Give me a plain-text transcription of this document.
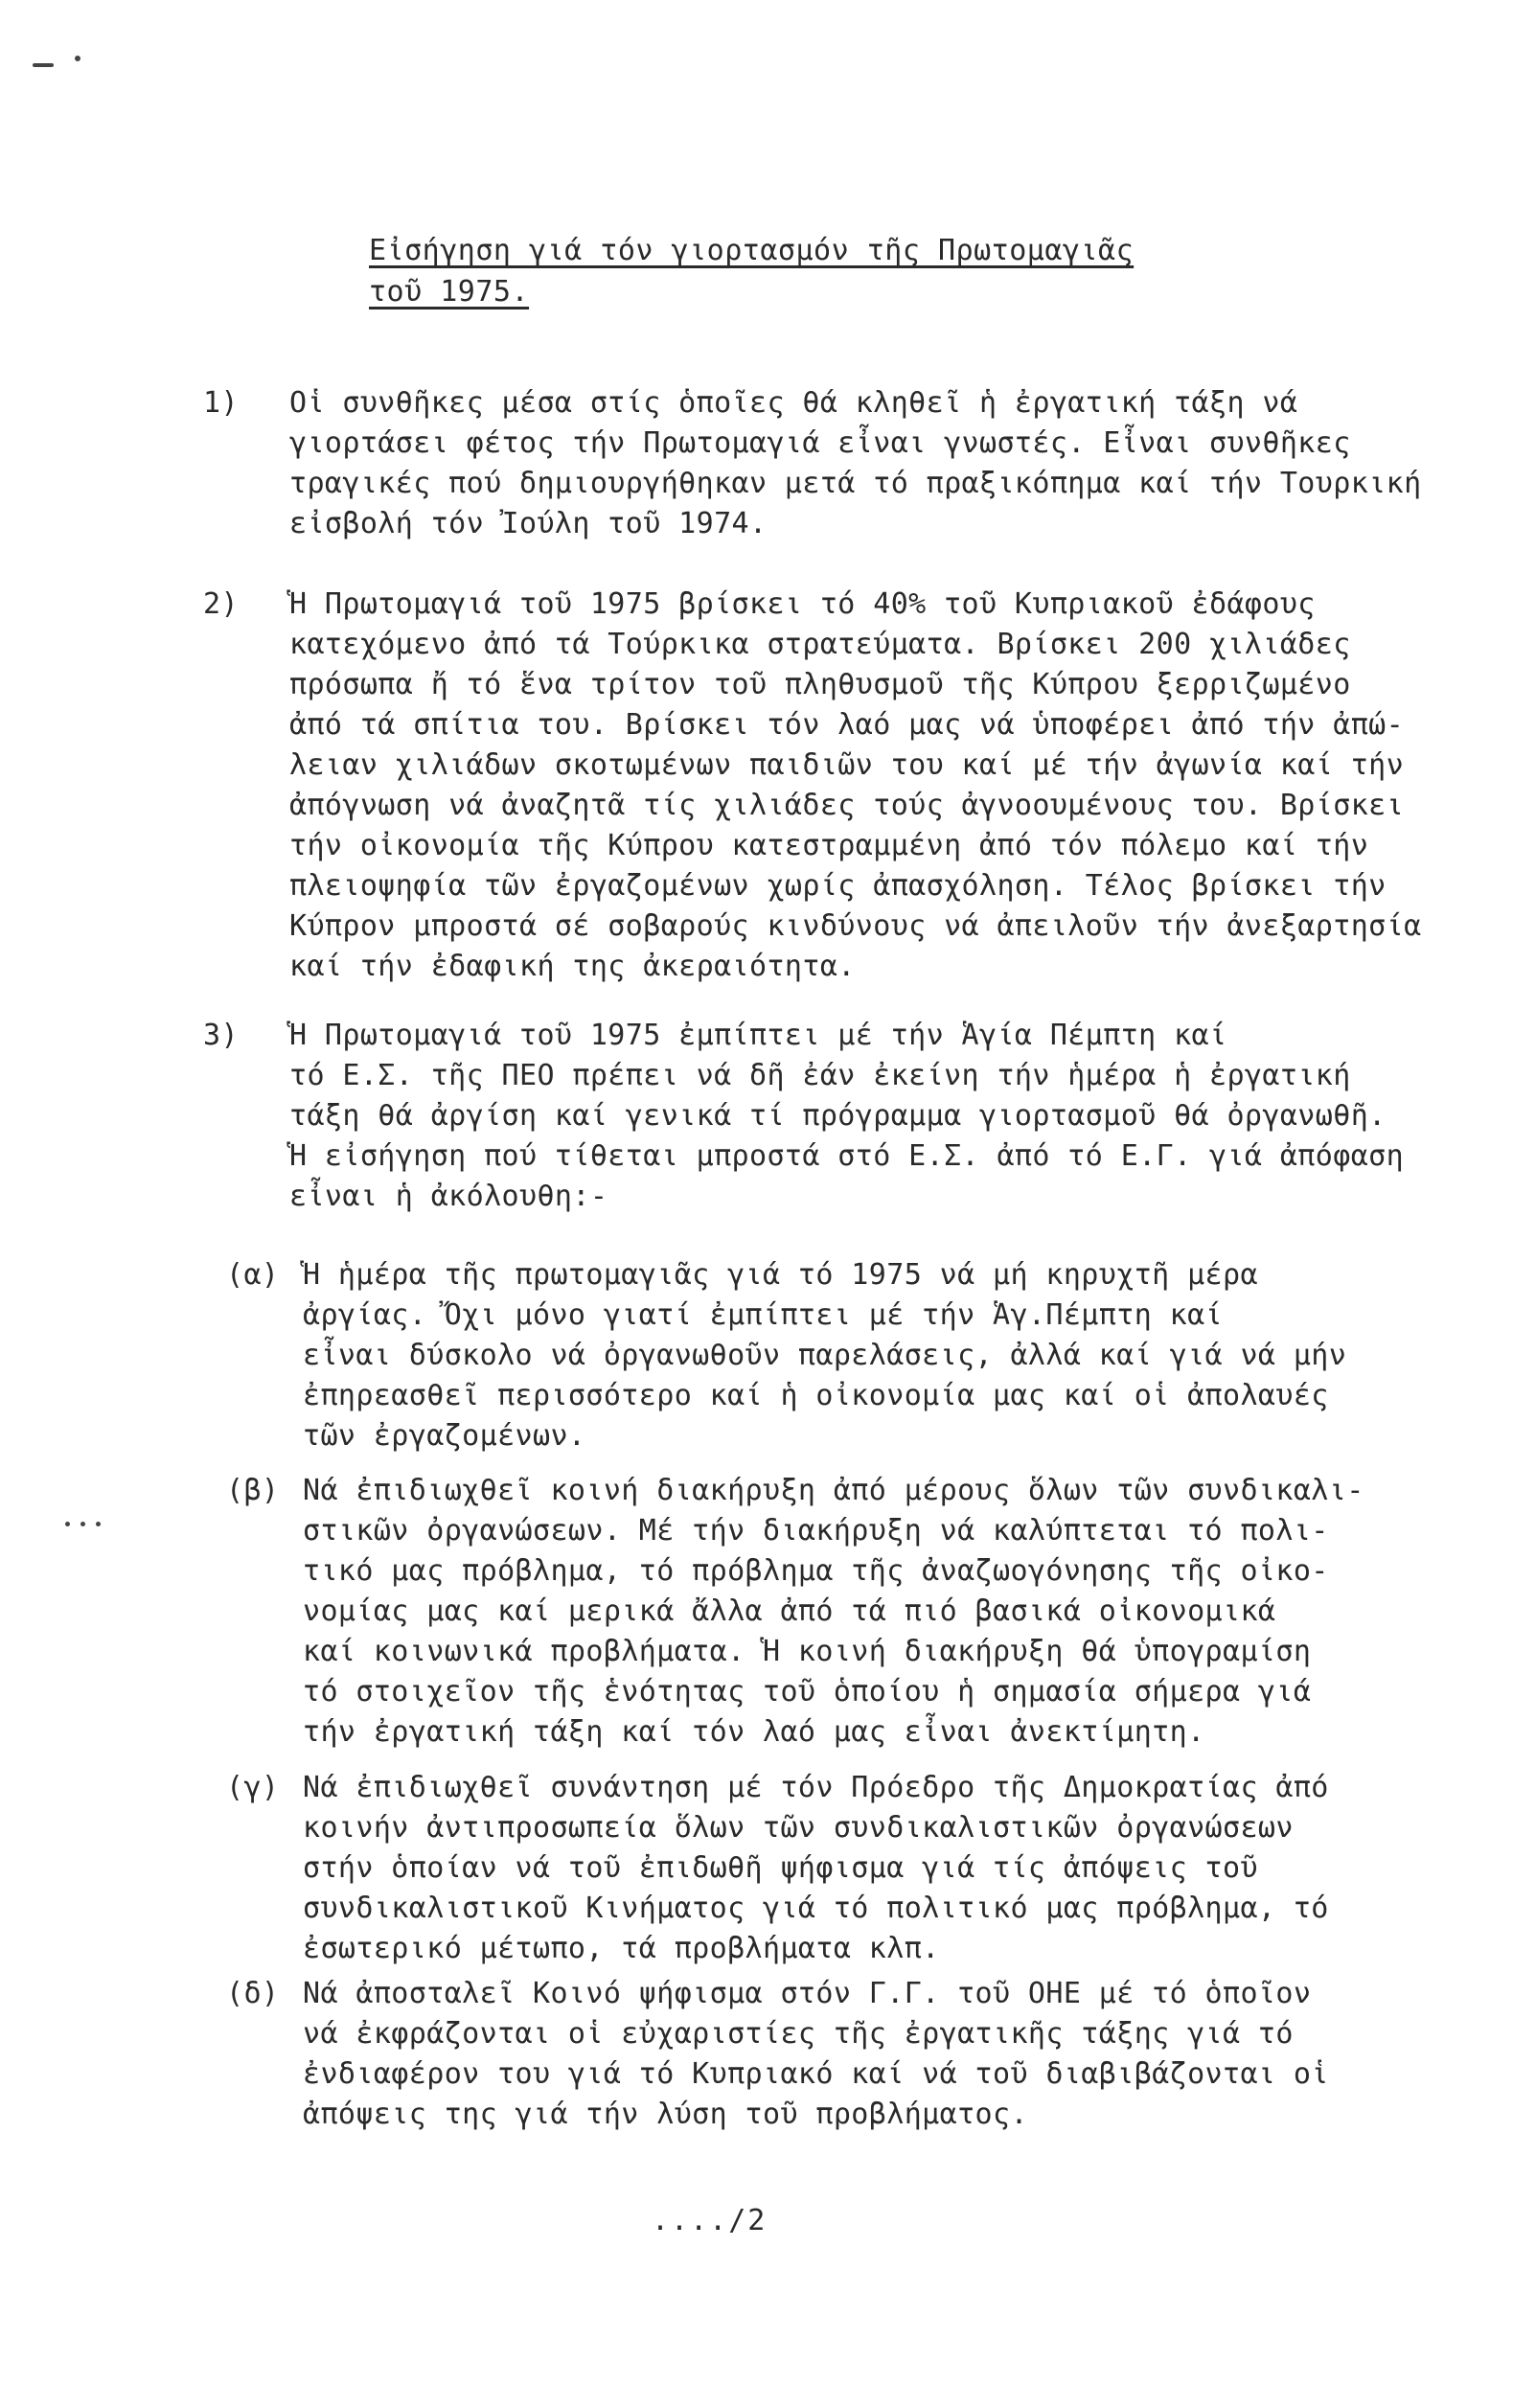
Εἰσήγηση γιά τόν γιορτασμόν τῆς Πρωτομαγιᾶς
τοῦ 1975.

1)

Οἱ συνθῆκες μέσα στίς ὁποῖες θά κληθεῖ ἡ ἐργατική τάξη νά
γιορτάσει φέτος τήν Πρωτομαγιά εἶναι γνωστές. Εἶναι συνθῆκες
τραγικές πού δημιουργήθηκαν μετά τό πραξικόπημα καί τήν Τουρκική
εἰσβολή τόν Ἰούλη τοῦ 1974.

2)

Ἡ Πρωτομαγιά τοῦ 1975 βρίσκει τό 40% τοῦ Κυπριακοῦ ἐδάφους
κατεχόμενο ἀπό τά Τούρκικα στρατεύματα. Βρίσκει 200 χιλιάδες
πρόσωπα ἤ τό ἕνα τρίτον τοῦ πληθυσμοῦ τῆς Κύπρου ξερριζωμένο
ἀπό τά σπίτια του. Βρίσκει τόν λαό μας νά ὑποφέρει ἀπό τήν ἀπώ-
λειαν χιλιάδων σκοτωμένων παιδιῶν του καί μέ τήν ἀγωνία καί τήν
ἀπόγνωση νά ἀναζητᾶ τίς χιλιάδες τούς ἀγνοουμένους του. Βρίσκει
τήν οἰκονομία τῆς Κύπρου κατεστραμμένη ἀπό τόν πόλεμο καί τήν
πλειοψηφία τῶν ἐργαζομένων χωρίς ἀπασχόληση. Τέλος βρίσκει τήν
Κύπρον μπροστά σέ σοβαρούς κινδύνους νά ἀπειλοῦν τήν ἀνεξαρτησία
καί τήν ἐδαφική της ἀκεραιότητα.

3)

Ἡ Πρωτομαγιά τοῦ 1975 ἐμπίπτει μέ τήν Ἁγία Πέμπτη καί
τό Ε.Σ. τῆς ΠΕΟ πρέπει νά δῆ ἐάν ἐκείνη τήν ἡμέρα ἡ ἐργατική
τάξη θά ἀργίση καί γενικά τί πρόγραμμα γιορτασμοῦ θά ὀργανωθῆ.
Ἡ εἰσήγηση πού τίθεται μπροστά στό Ε.Σ. ἀπό τό Ε.Γ. γιά ἀπόφαση
εἶναι ἡ ἀκόλουθη:-

(α) Ἡ ἡμέρα τῆς πρωτομαγιᾶς γιά τό 1975 νά μή κηρυχτῆ μέρα
ἀργίας. Ὄχι μόνο γιατί ἐμπίπτει μέ τήν Ἁγ.Πέμπτη καί
εἶναι δύσκολο νά ὀργανωθοῦν παρελάσεις, ἀλλά καί γιά νά μήν
ἐπηρεασθεῖ περισσότερο καί ἡ οἰκονομία μας καί οἱ ἀπολαυές
τῶν ἐργαζομένων.
(β) Νά ἐπιδιωχθεῖ κοινή διακήρυξη ἀπό μέρους ὅλων τῶν συνδικαλι-
στικῶν ὀργανώσεων. Μέ τήν διακήρυξη νά καλύπτεται τό πολι-
τικό μας πρόβλημα, τό πρόβλημα τῆς ἀναζωογόνησης τῆς οἰκο-
νομίας μας καί μερικά ἄλλα ἀπό τά πιό βασικά οἰκονομικά
καί κοινωνικά προβλήματα. Ἡ κοινή διακήρυξη θά ὑπογραμίση
τό στοιχεῖον τῆς ἑνότητας τοῦ ὁποίου ἡ σημασία σήμερα γιά
τήν ἐργατική τάξη καί τόν λαό μας εἶναι ἀνεκτίμητη.
(γ) Νά ἐπιδιωχθεῖ συνάντηση μέ τόν Πρόεδρο τῆς Δημοκρατίας ἀπό
κοινήν ἀντιπροσωπεία ὅλων τῶν συνδικαλιστικῶν ὀργανώσεων
στήν ὁποίαν νά τοῦ ἐπιδωθῆ ψήφισμα γιά τίς ἀπόψεις τοῦ
συνδικαλιστικοῦ Κινήματος γιά τό πολιτικό μας πρόβλημα, τό
ἐσωτερικό μέτωπο, τά προβλήματα κλπ.
(δ) Νά ἀποσταλεῖ Κοινό ψήφισμα στόν Γ.Γ. τοῦ ΟΗΕ μέ τό ὁποῖον
νά ἐκφράζονται οἱ εὐχαριστίες τῆς ἐργατικῆς τάξης γιά τό
ἐνδιαφέρον του γιά τό Κυπριακό καί νά τοῦ διαβιβάζονται οἱ
ἀπόψεις της γιά τήν λύση τοῦ προβλήματος.
..../2
